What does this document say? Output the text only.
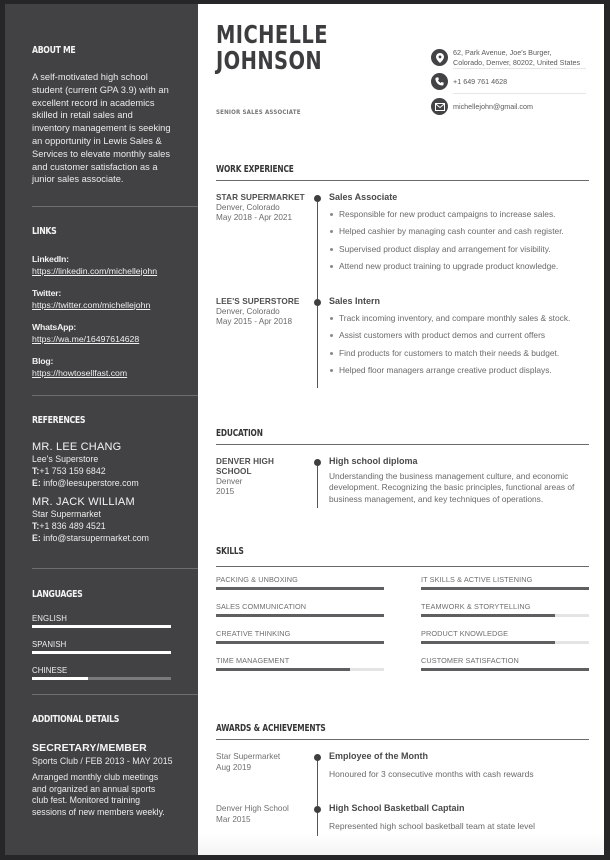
ABOUT ME

A self-motivated high school student (current GPA 3.9) with an excellent record in academics skilled in retail sales and inventory management is seeking an opportunity in Lewis Sales & Services to elevate monthly sales and customer satisfaction as a junior sales associate.

LINKS
LinkedIn:
https://linkedin.com/michellejohn
Twitter:
https://twitter.com/michellejohn
WhatsApp:
https://wa.me/16497614628
Blog:
https://howtosellfast.com
REFERENCES
MR. LEE CHANG
Lee's Superstore
T:+1 753 159 6842
E: info@leesuperstore.com
MR. JACK WILLIAM
Star Supermarket
T:+1 836 489 4521
E: info@starsupermarket.com
LANGUAGES
ENGLISH
SPANISH
CHINESE
ADDITIONAL DETAILS
SECRETARY/MEMBER
Sports Club / FEB 2013 - MAY 2015

Arranged monthly club meetings and organized an annual sports club fest. Monitored training sessions of new members weekly.

MICHELLE
JOHNSON
SENIOR SALES ASSOCIATE
62, Park Avenue, Joe's Burger,
Colorado, Denver, 80202, United States
+1 649 761 4628
michellejohn@gmail.com
WORK EXPERIENCE
STAR SUPERMARKET
Denver, Colorado
May 2018 - Apr 2021
Sales Associate
Responsible for new product campaigns to increase sales.
Helped cashier by managing cash counter and cash register.
Supervised product display and arrangement for visibility.
Attend new product training to upgrade product knowledge.
LEE'S SUPERSTORE
Denver, Colorado
May 2015 - Apr 2018
Sales Intern
Track incoming inventory, and compare monthly sales & stock.
Assist customers with product demos and current offers
Find products for customers to match their needs & budget.
Helped floor managers arrange creative product displays.
EDUCATION
DENVER HIGH
SCHOOL
Denver
2015
High school diploma

Understanding the business management culture, and economic development. Recognizing the basic principles, functional areas of business management, and key techniques of operations.

SKILLS
PACKING & UNBOXING
SALES COMMUNICATION
CREATIVE THINKING
TIME MANAGEMENT
IT SKILLS & ACTIVE LISTENING
TEAMWORK & STORYTELLING
PRODUCT KNOWLEDGE
CUSTOMER SATISFACTION
AWARDS & ACHIEVEMENTS
Star Supermarket
Aug 2019
Employee of the Month
Honoured for 3 consecutive months with cash rewards
Denver High School
Mar 2015
High School Basketball Captain
Represented high school basketball team at state level
